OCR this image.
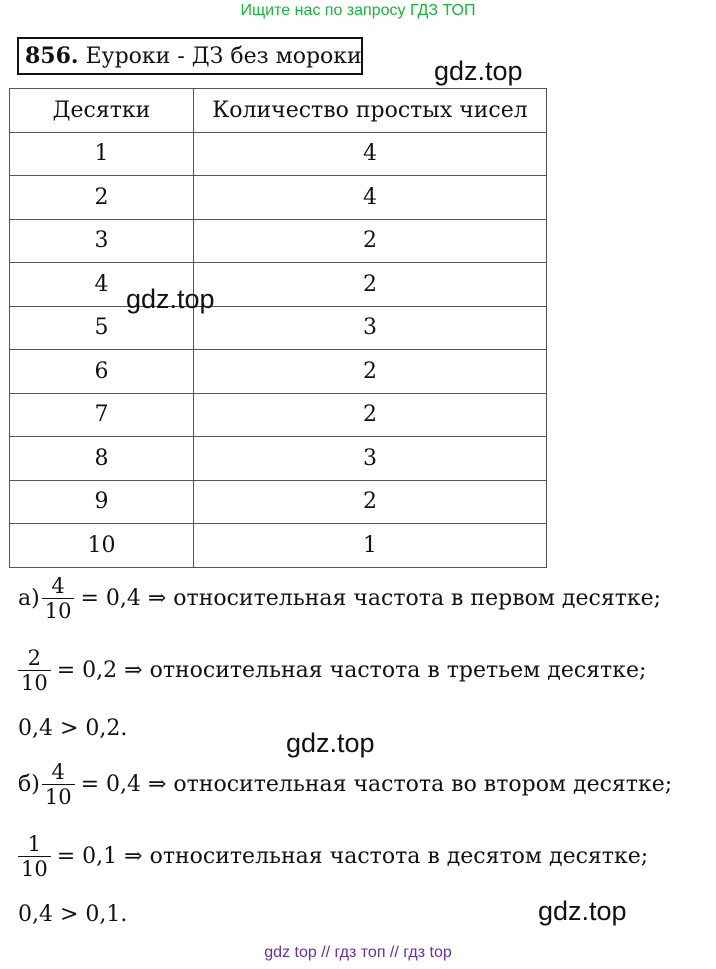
Ищите нас по запросу ГДЗ ТОП
856. Еуроки - ДЗ без мороки	gdz.top
Десятки	Количество простых чисел
1	4
2	4
3	2
4	2
5	3
6	2
7	2
8	3
9	2
10	1
gdz.top
$а) \frac{4}{10} = 0,4$ ⇒ относительная частота в первом десятке;
$\frac{2}{10} = 0,2$ ⇒ относительная частота в третьем десятке;
0,4 > 0,2.	gdz.top
$б) \frac{4}{10} = 0,4$ ⇒ относительная частота во втором десятке;
$\frac{1}{10} = 0,1$ ⇒ относительная частота в десятом десятке;
0,4 > 0,1.	gdz.top
gdz top // гдз топ // гдз top
